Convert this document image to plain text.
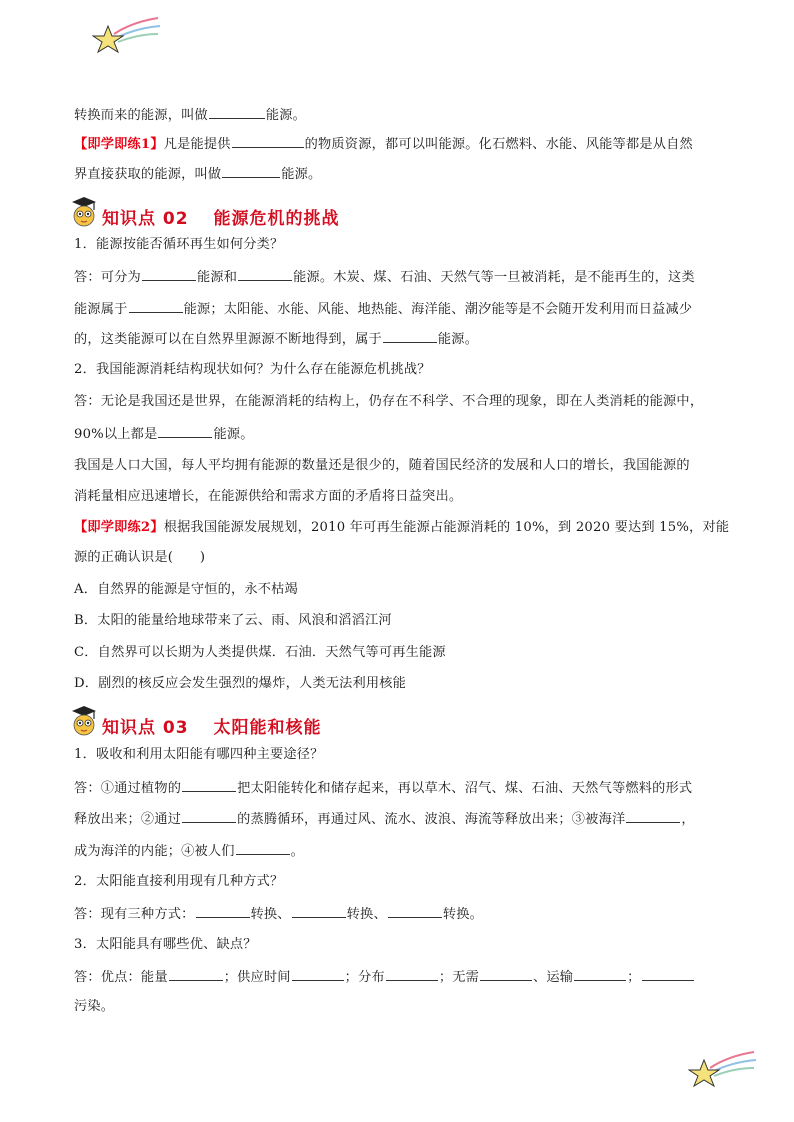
转换而来的能源，叫做	能源。
【即学即练1】凡是能提供	的物质资源，都可以叫能源。化石燃料、水能、风能等都是从自然
界直接获取的能源，叫做	能源。
知识点 02　 能源危机的挑战
1．能源按能否循环再生如何分类？
答：可分为	能源和	能源。木炭、煤、石油、天然气等一旦被消耗，是不能再生的，这类
能源属于	能源；太阳能、水能、风能、地热能、海洋能、潮汐能等是不会随开发利用而日益减少
的，这类能源可以在自然界里源源不断地得到，属于	能源。
2．我国能源消耗结构现状如何？为什么存在能源危机挑战？
答：无论是我国还是世界，在能源消耗的结构上，仍存在不科学、不合理的现象，即在人类消耗的能源中，
90%以上都是	能源。
我国是人口大国，每人平均拥有能源的数量还是很少的，随着国民经济的发展和人口的增长，我国能源的
消耗量相应迅速增长，在能源供给和需求方面的矛盾将日益突出。
【即学即练2】根据我国能源发展规划，2010 年可再生能源占能源消耗的 10%，到 2020 要达到 15%，对能
源的正确认识是(　　)
A．自然界的能源是守恒的，永不枯竭
B．太阳的能量给地球带来了云、雨、风浪和滔滔江河
C．自然界可以长期为人类提供煤．石油．天然气等可再生能源
D．剧烈的核反应会发生强烈的爆炸，人类无法利用核能
知识点 03　 太阳能和核能
1．吸收和利用太阳能有哪四种主要途径？
答：①通过植物的	把太阳能转化和储存起来，再以草木、沼气、煤、石油、天然气等燃料的形式
释放出来；②通过	的蒸腾循环，再通过风、流水、波浪、海流等释放出来；③被海洋	，
成为海洋的内能；④被人们	。
2．太阳能直接利用现有几种方式？
答：现有三种方式：	转换、	转换、	转换。
3．太阳能具有哪些优、缺点？
答：优点：能量	；供应时间	；分布	；无需	、运输	；
污染。
